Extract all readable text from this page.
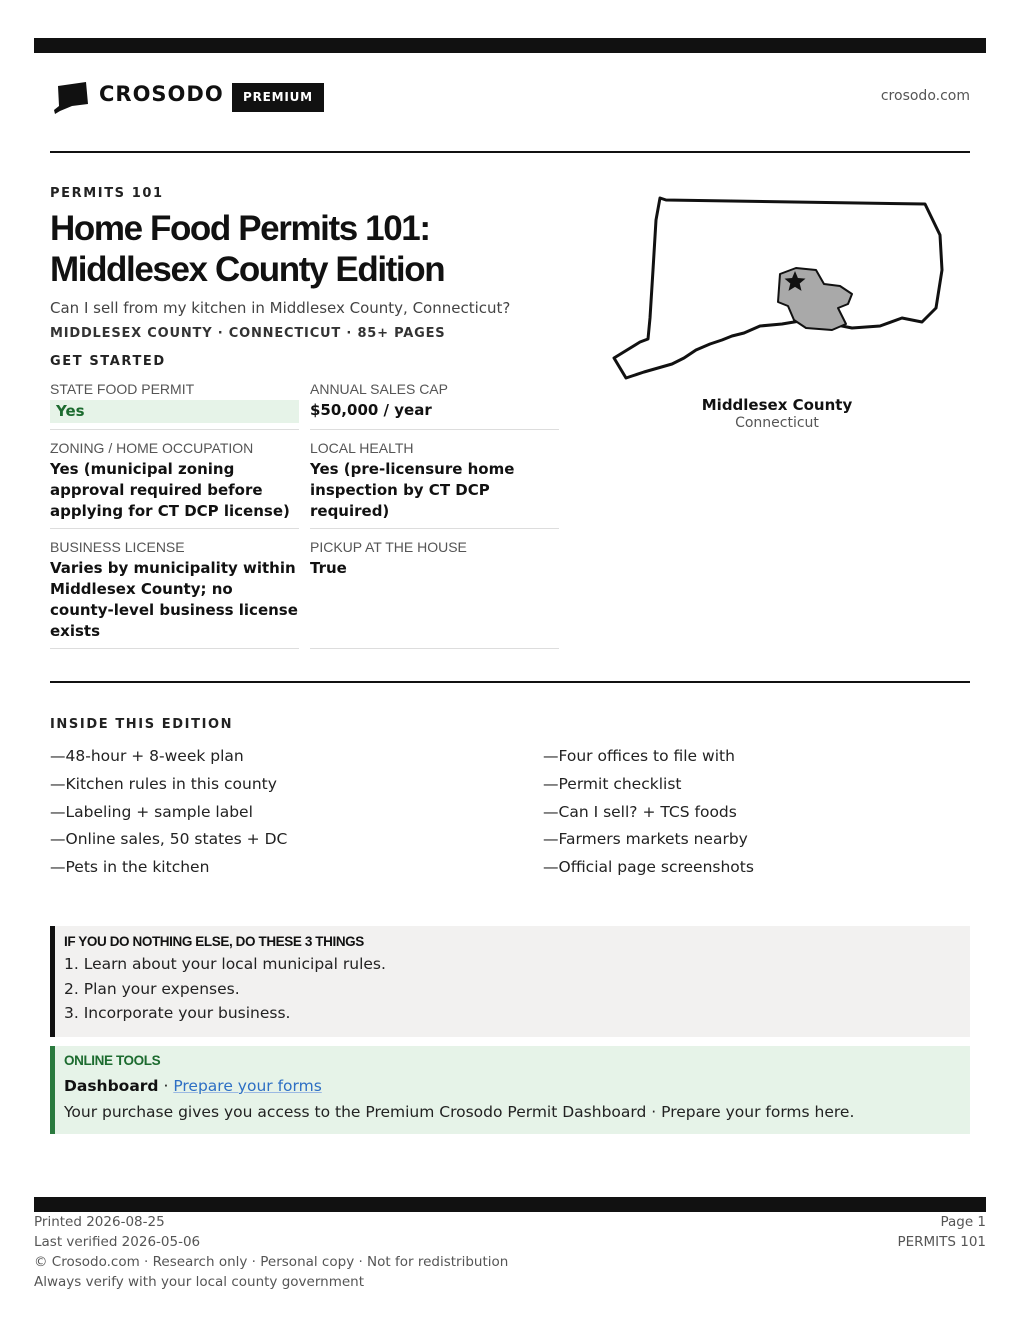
CROSODO	PREMIUM	crosodo.com
PERMITS 101
Home Food Permits 101:
Middlesex County Edition
Can I sell from my kitchen in Middlesex County, Connecticut?
MIDDLESEX COUNTY · CONNECTICUT · 85+ PAGES
GET STARTED
STATE FOOD PERMIT
Yes
ANNUAL SALES CAP
$50,000 / year
ZONING / HOME OCCUPATION
Yes (municipal zoning approval required before applying for CT DCP license)
LOCAL HEALTH
Yes (pre-licensure home inspection by CT DCP required)
BUSINESS LICENSE
Varies by municipality within Middlesex County; no county-level business license exists
PICKUP AT THE HOUSE
True
Middlesex County
Connecticut
INSIDE THIS EDITION
—48-hour + 8-week plan
—Kitchen rules in this county
—Labeling + sample label
—Online sales, 50 states + DC
—Pets in the kitchen
—Four offices to file with
—Permit checklist
—Can I sell? + TCS foods
—Farmers markets nearby
—Official page screenshots
IF YOU DO NOTHING ELSE, DO THESE 3 THINGS
1. Learn about your local municipal rules.
2. Plan your expenses.
3. Incorporate your business.
ONLINE TOOLS
Dashboard · Prepare your forms
Your purchase gives you access to the Premium Crosodo Permit Dashboard · Prepare your forms here.
Printed 2026-08-25
Last verified 2026-05-06
© Crosodo.com · Research only · Personal copy · Not for redistribution
Always verify with your local county government
Page 1
PERMITS 101
